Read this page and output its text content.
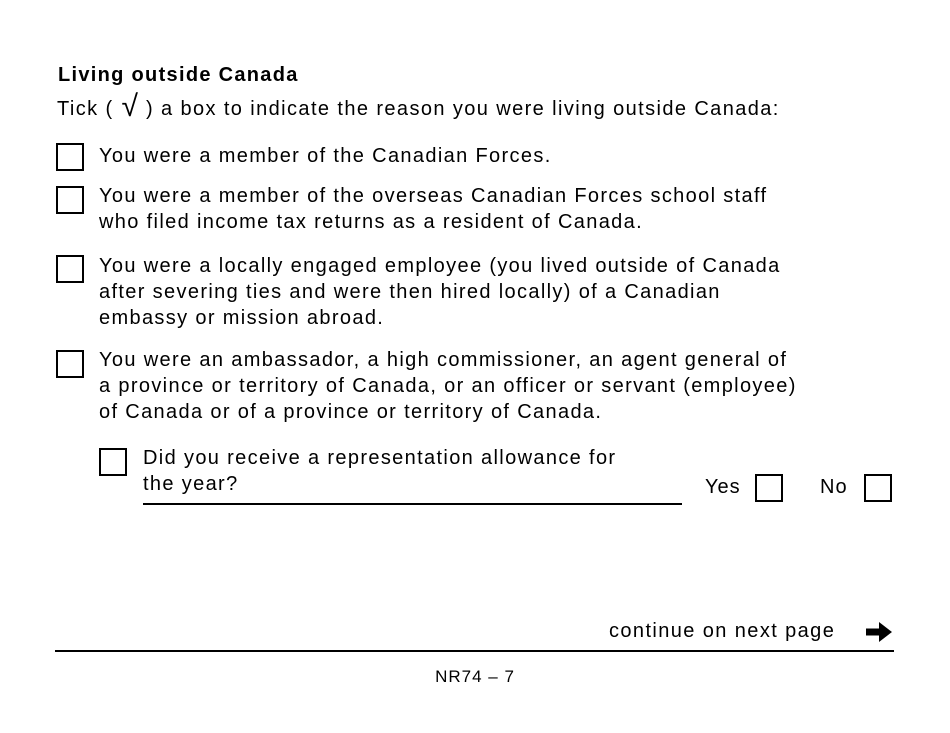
Living outside Canada
Tick ( √ ) a box to indicate the reason you were living outside Canada:
You were a member of the Canadian Forces.
You were a member of the overseas Canadian Forces school staff
who filed income tax returns as a resident of Canada.
You were a locally engaged employee (you lived outside of Canada
after severing ties and were then hired locally) of a Canadian
embassy or mission abroad.
You were an ambassador, a high commissioner, an agent general of
a province or territory of Canada, or an officer or servant (employee)
of Canada or of a province or territory of Canada.
Did you receive a representation allowance for
the year?	Yes	No
continue on next page
NR74 – 7
